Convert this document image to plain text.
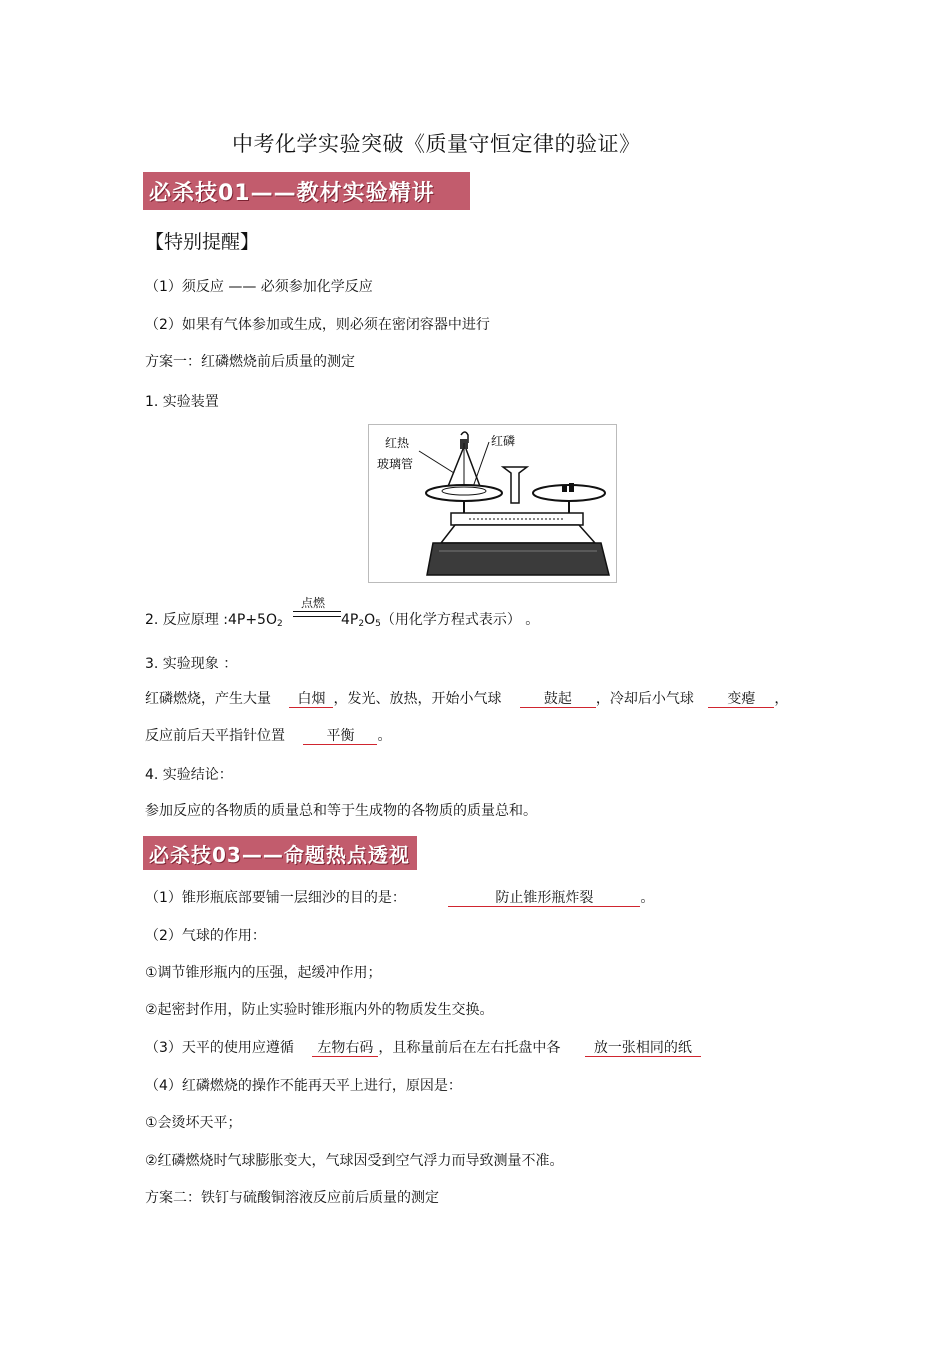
中考化学实验突破《质量守恒定律的验证》
必杀技01——教材实验精讲
【特别提醒】
（1）须反应 —— 必须参加化学反应
（2）如果有气体参加或生成，则必须在密闭容器中进行
方案一：红磷燃烧前后质量的测定
1. 实验装置
红热
玻璃管
红磷
2. 反应原理 $:4P+5O_2$
点燃
$4P_2O_5$（用化学方程式表示） 。
3. 实验现象 ：
红磷燃烧，产生大量 白烟 ，发光、放热，开始小气球	鼓起 ，冷却后小气球 变瘪 ，
反应前后天平指针位置	平衡 。
4. 实验结论：
参加反应的各物质的质量总和等于生成物的各物质的质量总和。
必杀技03——命题热点透视
（1）锥形瓶底部要铺一层细沙的目的是：	防止锥形瓶炸裂	。
（2）气球的作用：
①调节锥形瓶内的压强，起缓冲作用；
②起密封作用，防止实验时锥形瓶内外的物质发生交换。
（3）天平的使用应遵循 左物右码 ，且称量前后在左右托盘中各 放一张相同的纸
（4）红磷燃烧的操作不能再天平上进行，原因是：
①会烫坏天平；
②红磷燃烧时气球膨胀变大，气球因受到空气浮力而导致测量不准。
方案二：铁钉与硫酸铜溶液反应前后质量的测定
